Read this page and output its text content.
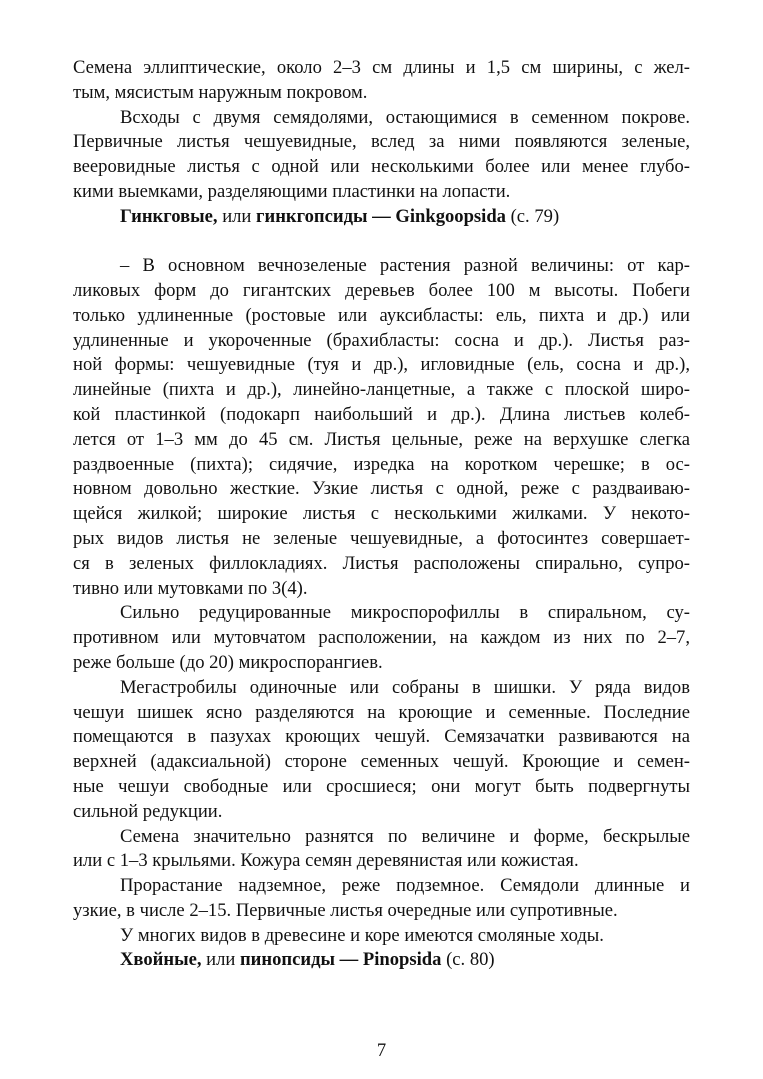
Семена эллиптические, около 2–3 см длины и 1,5 см ширины, с жел-
тым, мясистым наружным покровом.
Всходы с двумя семядолями, остающимися в семенном покрове.
Первичные листья чешуевидные, вслед за ними появляются зеленые,
вееровидные листья с одной или несколькими более или менее глубо-
кими выемками, разделяющими пластинки на лопасти.
Гинкговые, или гинкгопсиды — Ginkgoopsida (с. 79)
– В основном вечнозеленые растения разной величины: от кар-
ликовых форм до гигантских деревьев более 100 м высоты. Побеги
только удлиненные (ростовые или ауксибласты: ель, пихта и др.) или
удлиненные и укороченные (брахибласты: сосна и др.). Листья раз-
ной формы: чешуевидные (туя и др.), игловидные (ель, сосна и др.),
линейные (пихта и др.), линейно-ланцетные, а также с плоской широ-
кой пластинкой (подокарп наибольший и др.). Длина листьев колеб-
лется от 1–3 мм до 45 см. Листья цельные, реже на верхушке слегка
раздвоенные (пихта); сидячие, изредка на коротком черешке; в ос-
новном довольно жесткие. Узкие листья с одной, реже с раздваиваю-
щейся жилкой; широкие листья с несколькими жилками. У некото-
рых видов листья не зеленые чешуевидные, а фотосинтез совершает-
ся в зеленых филлокладиях. Листья расположены спирально, супро-
тивно или мутовками по 3(4).
Сильно редуцированные микроспорофиллы в спиральном, су-
противном или мутовчатом расположении, на каждом из них по 2–7,
реже больше (до 20) микроспорангиев.
Мегастробилы одиночные или собраны в шишки. У ряда видов
чешуи шишек ясно разделяются на кроющие и семенные. Последние
помещаются в пазухах кроющих чешуй. Семязачатки развиваются на
верхней (адаксиальной) стороне семенных чешуй. Кроющие и семен-
ные чешуи свободные или сросшиеся; они могут быть подвергнуты
сильной редукции.
Семена значительно разнятся по величине и форме, бескрылые
или с 1–3 крыльями. Кожура семян деревянистая или кожистая.
Прорастание надземное, реже подземное. Семядоли длинные и
узкие, в числе 2–15. Первичные листья очередные или супротивные.
У многих видов в древесине и коре имеются смоляные ходы.
Хвойные, или пинопсиды — Pinopsida (с. 80)
7
